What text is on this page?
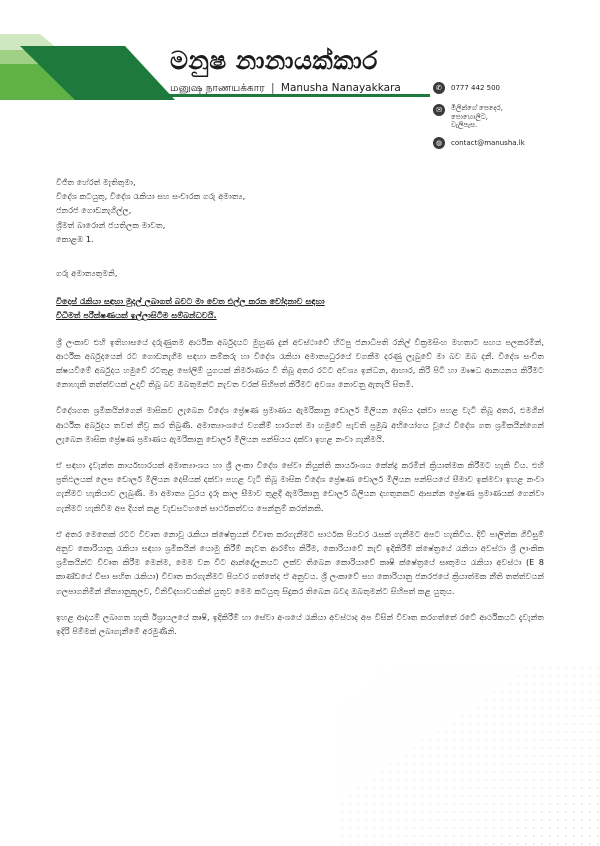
මනුෂ නානායක්කාර
மனுஷ நாணயக்கார | Manusha Nanayakkara	✆	0777 442 500
✉	මිලින්ගේ පෙදෙර,
පොහොලිට,
වැලිපැස.
◍	contact@manusha.lk
විජිත හේරත් මැතිතුමා,
විදේශ කටයුතු, විදේශ රැකියා සහ සංචාරක ගරු අමාත්‍ය,
ජනරජ ගොඩනැගිල්ල,
ශ්‍රීමත් බාරොන් ජයතිලක මාවත,
කොළඹ 1.
ගරු අමාත්‍යතුමනි,
විදෙස් රැකියා සඳහා මුදල් ලබාගත් බවට මා වෙත එල්ල කරන චෝදනාව සඳහා
විධිමත් පරීක්ෂණයක් ඉල්ලාසිටීම සම්බන්ධවයි.
ශ්‍රී ලංකාව එහි ඉතිහාසයේ දරුණුතම ආර්ථික අර්බුදයට මුහුණ දුන් අවස්ථාවේ හිටපු ජනාධිපති රනිල් වික්‍රමසිංහ මහතාට සහය පලකරමින්, ආර්ථික අර්බුදයෙන් රට ගොඩනැගීම සඳහා කම්කරු හා විදේශ රැකියා අමාත්‍යධුරයේ වගකීම දරණු ලැබුවේ මා බව ඔබ දනී. විදේශ සංචිත ක්ෂයවීමේ අර්බුදය හමුවේ රටතුළ පෝලිම් යුගයක් නිර්මාණය වී තිබූ අතර රටට අවශ්‍ය ඉන්ධන, ආහාර, කිරි පිටි හා ඖෂධ ආනයනය කිරීමට නොහැකි තත්ත්වයක් උදාවී තිබූ බව ඔබතුමන්ට නැවත වරක් සිහිපත් කිරීමට අවශ්‍ය නොවනු ඇතැයි සිතමි.
විදේශගත ශ්‍රමිකයින්ගෙන් මාසිකව ලැබෙන විදේශ ප්‍රේෂණ ප්‍රමාණය ඇමරිකානු ඩොලර් මිලියන දෙසිය දක්වා පහළ වැටී තිබූ අතර, එමගින් ආර්ථික අර්බුදය තවත් තීව්‍ර කර තිබුණි. අමාත්‍යාංශයේ වගකීම් භාරගත් මා හමුවේ පැවති ප්‍රමුඛ අභියෝගය වූයේ විදේශ ගත ශ්‍රමිකයින්ගෙන් ලැබෙන මාසික ප්‍රේෂණ ප්‍රමාණය ඇමරිකානු ඩොලර් මිලියන පන්සියය දක්වා ඉහළ නංවා ගැනීමයි.
ඒ සඳහා දැවැන්ත කාර්යභාරයක් අමාත්‍යාංශය හා ශ්‍රී ලංකා විදේශ සේවා නියුක්ති කාර්යාංශය කේන්ද්‍ර කරමින් ක්‍රියාත්මක කිරීමට හැකි විය. එහි ප්‍රතිඵලයක් ලෙස ඩොලර් මිලියන දෙසීයක් දක්වා පහළ වැටී තිබූ මාසික විදේශ ප්‍රේෂණ ඩොලර් මිලියන පන්සියයේ සීමාව ඉක්මවා ඉහළ නංවා ගැනීමට හැකියාව ලැබුණි. මා අමාත්‍ය ධුරය දැරූ කාල සීමාව තුළදී ඇමරිකානු ඩොලර් බිලියන දහතුනකට ආසන්න ප්‍රේෂණ ප්‍රමාණයක් ගෙන්වා ගැනීමට හැකිවීම අප දියත් කළ වැඩසටහනේ සාර්ථකත්වය පෙන්නුම් කරන්නකි.
ඒ අතර මෙතෙක් රටට විවෘත නොවූ රැකියා ක්ෂේත්‍රයන් විවෘත කරගැනීමට සාර්ථක පියවර රැසක් ගැනීමට අපට හැකිවිය. දිවි පාලිත්ක ගිවිසුම් අනුව කොරියානු රැකියා සඳහා ශ්‍රමිකයින් යොමු කිරීම් නැවත ආරම්භ කිරීම, කොරියාවේ නැව් ඉදිකිරීම් ක්ෂේත්‍රයේ රැකියා අවස්ථා ශ්‍රී ලාංකික ශ්‍රමිකයින්ට විවෘත කිරීම මෙන්ම, මෙම වන විට ආන්දෝලනයට ලක්ව තිබෙන කොරියාවේ කෘෂි ක්ෂේත්‍රයේ සෘතුමය රැකියා අවස්ථා (E 8 කාණ්ඩයේ වීසා සහිත රැකියා) විවෘත කරගැනීමට පියවර ගත්තේද ඒ අනුවය. ශ්‍රී ලංකාවේ සහ කොරියානු ජනරජයේ ක්‍රියාත්මක නීති තත්ත්වයන් ගලපාගනිමින් නීත්‍යානුකූලව, විනිවිදභාවයකින් යුතුව මෙම කටයුතු සිදුකර තිබෙන බවද ඔබතුමන්ට සිහිපත් කළ යුතුය.
ඉහළ ආදායම් ලබාගත හැකි ඊශ්‍රායලයේ කෘෂි, ඉදිකිරීම් හා සේවා අංශයේ රැකියා අවස්ථාද අප විසින් විවෘත කරගත්තේ රටේ ආර්ථිකයට දැවැන්ත ඉදිරි පිම්මක් ලබාගැනීමේ අරමුණිනි.
